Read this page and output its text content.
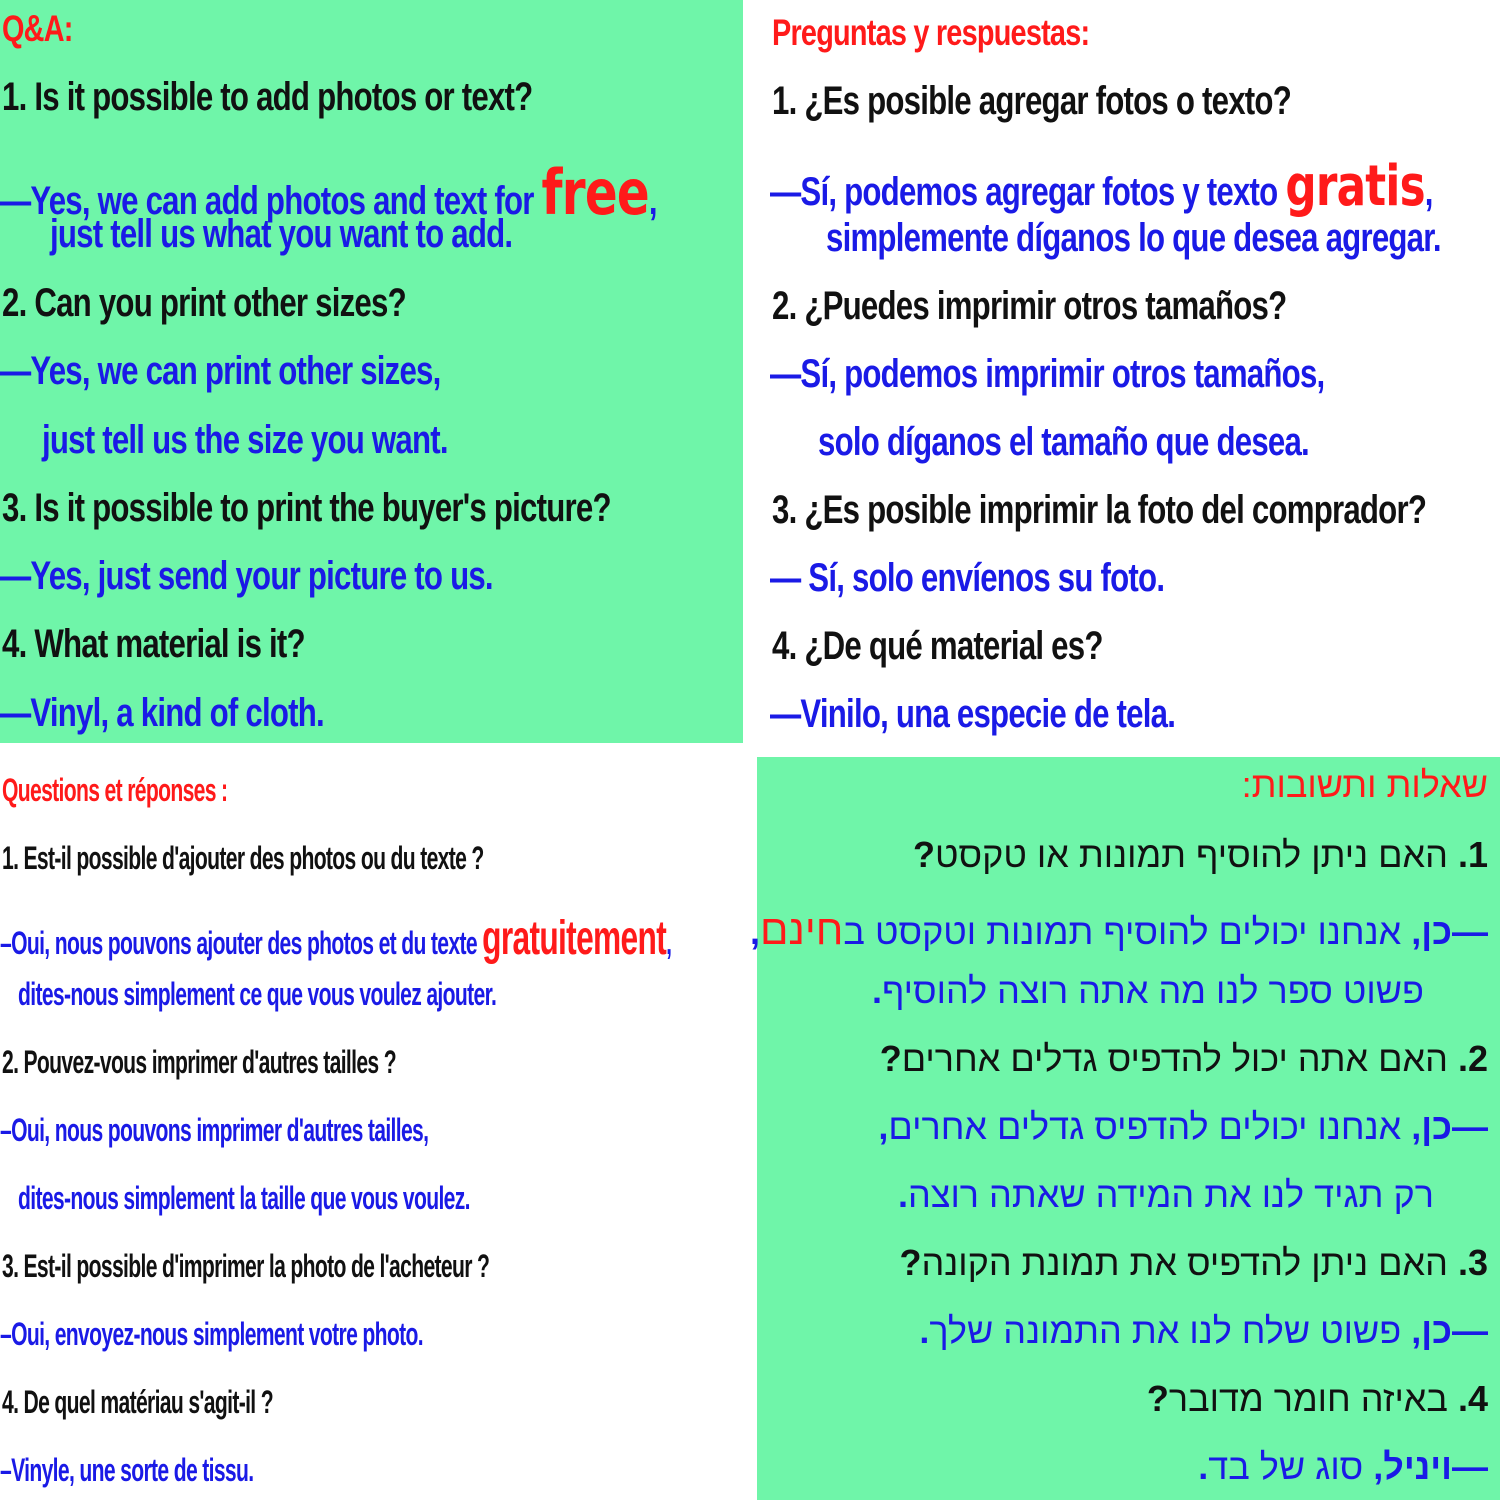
Q&A:
1. Is it possible to add photos or text?
—Yes, we can add photos and text for free,
just tell us what you want to add.
2. Can you print other sizes?
—Yes, we can print other sizes,
just tell us the size you want.
3. Is it possible to print the buyer's picture?
—Yes, just send your picture to us.
4. What material is it?
—Vinyl, a kind of cloth.
Preguntas y respuestas:
1. ¿Es posible agregar fotos o texto?
—Sí, podemos agregar fotos y texto gratis,
simplemente díganos lo que desea agregar.
2. ¿Puedes imprimir otros tamaños?
—Sí, podemos imprimir otros tamaños,
solo díganos el tamaño que desea.
3. ¿Es posible imprimir la foto del comprador?
— Sí, solo envíenos su foto.
4. ¿De qué material es?
—Vinilo, una especie de tela.
Questions et réponses :
1. Est-il possible d'ajouter des photos ou du texte ?
–Oui, nous pouvons ajouter des photos et du texte gratuitement,
dites-nous simplement ce que vous voulez ajouter.
2. Pouvez-vous imprimer d'autres tailles ?
–Oui, nous pouvons imprimer d'autres tailles,
dites-nous simplement la taille que vous voulez.
3. Est-il possible d'imprimer la photo de l'acheteur ?
–Oui, envoyez-nous simplement votre photo.
4. De quel matériau s'agit-il ?
–Vinyle, une sorte de tissu.
שאלות ותשובות:
1. האם ניתן להוסיף תמונות או טקסט?
—כן, אנחנו יכולים להוסיף תמונות וטקסט בחינם,
פשוט ספר לנו מה אתה רוצה להוסיף.
2. האם אתה יכול להדפיס גדלים אחרים?
—כן, אנחנו יכולים להדפיס גדלים אחרים,
רק תגיד לנו את המידה שאתה רוצה.
3. האם ניתן להדפיס את תמונת הקונה?
—כן, פשוט שלח לנו את התמונה שלך.
4. באיזה חומר מדובר?
—ויניל, סוג של בד.
